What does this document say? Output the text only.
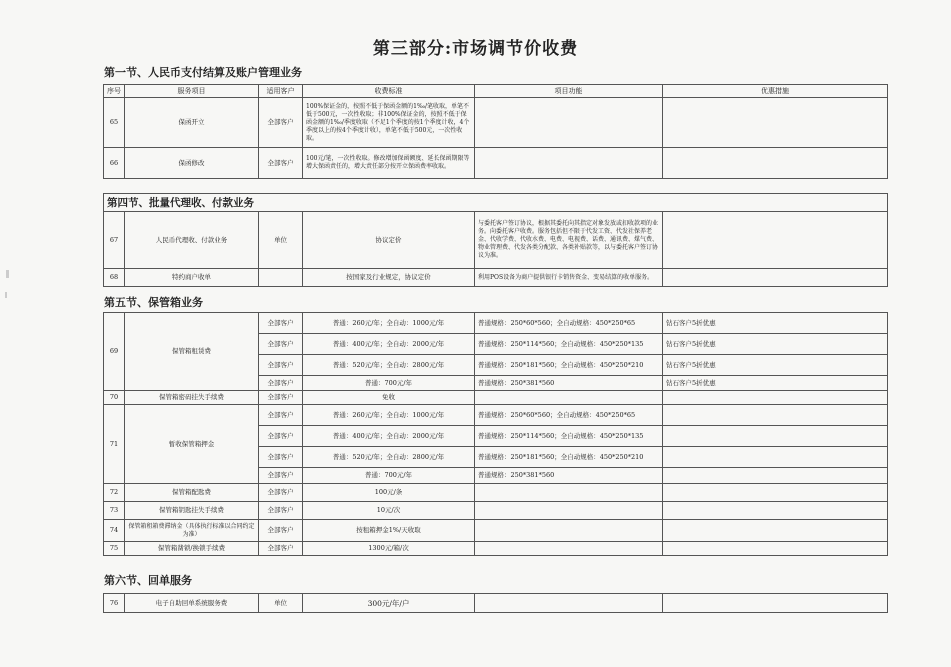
第三部分:市场调节价收费
第一节、人民币支付结算及账户管理业务
序号	服务项目	适用客户	收费标准	项目功能	优惠措施
65	保函开立	全部客户	100%保证金的，按照不低于保函金额的1‰/笔收取，单笔不低于500元，一次性收取；非100%保证金的，按照不低于保函金额的1‰/季度收取（不足1个季度的按1个季度计收，4个季度以上的按4个季度计收），单笔不低于500元，一次性收取。		
66	保函修改	全部客户	100元/笔，一次性收取。修改增加保函额度、延长保函期限等增大保函责任的，增大责任部分按开立保函费率收取。		
第四节、批量代理收、付款业务					
67	人民币代理收、付款业务	单位	协议定价	与委托客户签订协议，根据其委托向其指定对象发放或扣收款项的业务。向委托客户收费。服务包括但不限于代发工资、代发社保养老金、代收学费、代收水费、电费、电视费、话费、通讯费、煤气费、物业管理费、代发各类分配款、各类补贴款等，以与委托客户签订协议为准。	
68	特约商户收单		按国家及行业规定，协议定价	利用POS设备为商户提供银行卡销售资金、变易结算的收单服务。	
第五节、保管箱业务
69	保管箱租赁费	全部客户	普通：260元/年；全自动：1000元/年	普通规格：250*60*560；全自动规格：450*250*65	钻石客户5折优惠
		全部客户	普通：400元/年；全自动：2000元/年	普通规格：250*114*560；全自动规格：450*250*135	钻石客户5折优惠
		全部客户	普通：520元/年；全自动：2800元/年	普通规格：250*181*560；全自动规格：450*250*210	钻石客户5折优惠
		全部客户	普通：700元/年	普通规格：250*381*560	钻石客户5折优惠
70	保管箱密码挂失手续费	全部客户	免收		
71	暂收保管箱押金	全部客户	普通：260元/年；全自动：1000元/年	普通规格：250*60*560；全自动规格：450*250*65	
		全部客户	普通：400元/年；全自动：2000元/年	普通规格：250*114*560；全自动规格：450*250*135	
		全部客户	普通：520元/年；全自动：2800元/年	普通规格：250*181*560；全自动规格：450*250*210	
		全部客户	普通：700元/年	普通规格：250*381*560	
72	保管箱配匙费	全部客户	100元/条		
73	保管箱钥匙挂失手续费	全部客户	10元/次		
74	保管箱租箱费滞纳金（具体执行标准以合同约定为准）	全部客户	按租箱押金1%/天收取		
75	保管箱凿锁/换锁手续费	全部客户	1300元/箱/次		
第六节、回单服务
76	电子自助回单系统服务费	单位	300元/年/户		
